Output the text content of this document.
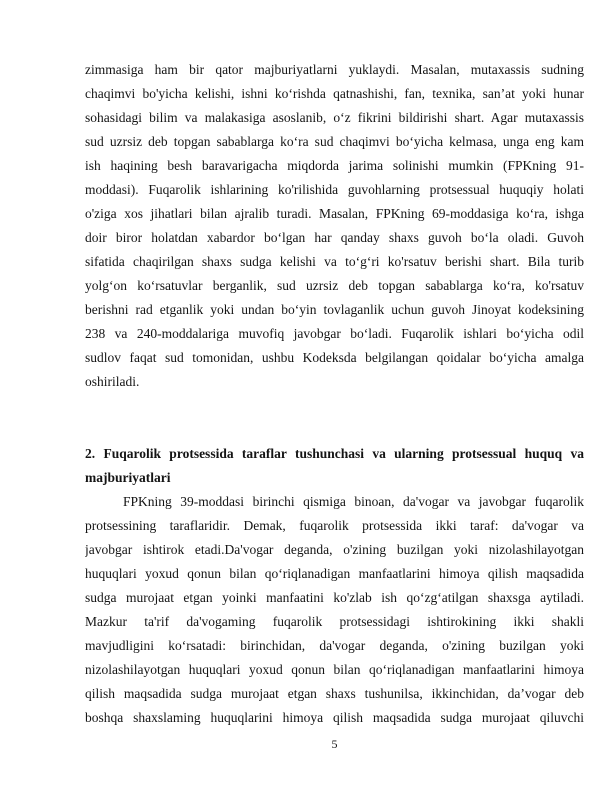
zimmasiga ham bir qator majburiyatlarni yuklaydi. Masalan, mutaxassis sudning
chaqimvi bo'yicha kelishi, ishni koʻrishda qatnashishi, fan, texnika, san’at yoki hunar
sohasidagi bilim va malakasiga asoslanib, oʻz fikrini bildirishi shart. Agar mutaxassis
sud uzrsiz deb topgan sabablarga koʻra sud chaqimvi boʻyicha kelmasa, unga eng kam
ish haqining besh baravarigacha miqdorda jarima solinishi mumkin (FPKning 91-
moddasi). Fuqarolik ishlarining ko'rilishida guvohlarning protsessual huquqiy holati
o'ziga xos jihatlari bilan ajralib turadi. Masalan, FPKning 69-moddasiga koʻra, ishga
doir biror holatdan xabardor boʻlgan har qanday shaxs guvoh boʻla oladi. Guvoh
sifatida chaqirilgan shaxs sudga kelishi va toʻgʻri ko'rsatuv berishi shart. Bila turib
yolgʻon koʻrsatuvlar berganlik, sud uzrsiz deb topgan sabablarga koʻra, ko'rsatuv
berishni rad etganlik yoki undan boʻyin tovlaganlik uchun guvoh Jinoyat kodeksining
238 va 240-moddalariga muvofiq javobgar boʻladi. Fuqarolik ishlari boʻyicha odil
sudlov faqat sud tomonidan, ushbu Kodeksda belgilangan qoidalar boʻyicha amalga
oshiriladi.
2. Fuqarolik protsessida taraflar tushunchasi va ularning protsessual huquq va
majburiyatlari
FPKning 39-moddasi birinchi qismiga binoan, da'vogar va javobgar fuqarolik
protsessining taraflaridir. Demak, fuqarolik protsessida ikki taraf: da'vogar va
javobgar ishtirok etadi.Da'vogar deganda, o'zining buzilgan yoki nizolashilayotgan
huquqlari yoxud qonun bilan qoʻriqlanadigan manfaatlarini himoya qilish maqsadida
sudga murojaat etgan yoinki manfaatini ko'zlab ish qoʻzgʻatilgan shaxsga aytiladi.
Mazkur ta'rif da'vogaming fuqarolik protsessidagi ishtirokining ikki shakli
mavjudligini koʻrsatadi: birinchidan, da'vogar deganda, o'zining buzilgan yoki
nizolashilayotgan huquqlari yoxud qonun bilan qoʻriqlanadigan manfaatlarini himoya
qilish maqsadida sudga murojaat etgan shaxs tushunilsa, ikkinchidan, da’vogar deb
boshqa shaxslaming huquqlarini himoya qilish maqsadida sudga murojaat qiluvchi
5
